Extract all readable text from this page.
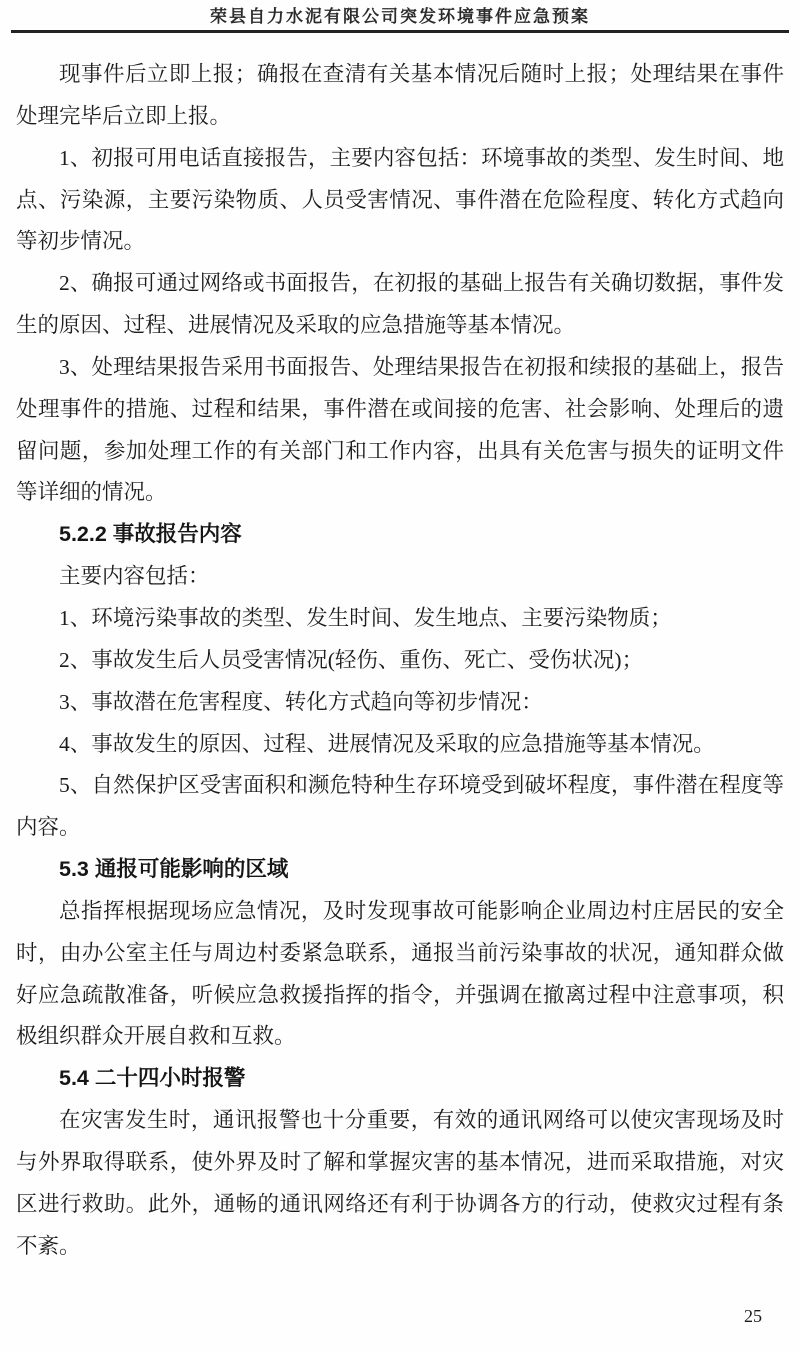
荣县自力水泥有限公司突发环境事件应急预案

现事件后立即上报；确报在查清有关基本情况后随时上报；处理结果在事件处理完毕后立即上报。

1、初报可用电话直接报告，主要内容包括：环境事故的类型、发生时间、地点、污染源，主要污染物质、人员受害情况、事件潜在危险程度、转化方式趋向等初步情况。

2、确报可通过网络或书面报告，在初报的基础上报告有关确切数据，事件发生的原因、过程、进展情况及采取的应急措施等基本情况。

3、处理结果报告采用书面报告、处理结果报告在初报和续报的基础上，报告处理事件的措施、过程和结果，事件潜在或间接的危害、社会影响、处理后的遗留问题，参加处理工作的有关部门和工作内容，出具有关危害与损失的证明文件等详细的情况。

5.2.2 事故报告内容

主要内容包括：

1、环境污染事故的类型、发生时间、发生地点、主要污染物质；

2、事故发生后人员受害情况(轻伤、重伤、死亡、受伤状况)；

3、事故潜在危害程度、转化方式趋向等初步情况：

4、事故发生的原因、过程、进展情况及采取的应急措施等基本情况。

5、自然保护区受害面积和濒危特种生存环境受到破坏程度，事件潜在程度等内容。

5.3 通报可能影响的区域

总指挥根据现场应急情况，及时发现事故可能影响企业周边村庄居民的安全时，由办公室主任与周边村委紧急联系，通报当前污染事故的状况，通知群众做好应急疏散准备，听候应急救援指挥的指令，并强调在撤离过程中注意事项，积极组织群众开展自救和互救。

5.4 二十四小时报警

在灾害发生时，通讯报警也十分重要，有效的通讯网络可以使灾害现场及时与外界取得联系，使外界及时了解和掌握灾害的基本情况，进而采取措施，对灾区进行救助。此外，通畅的通讯网络还有利于协调各方的行动，使救灾过程有条不紊。

25
